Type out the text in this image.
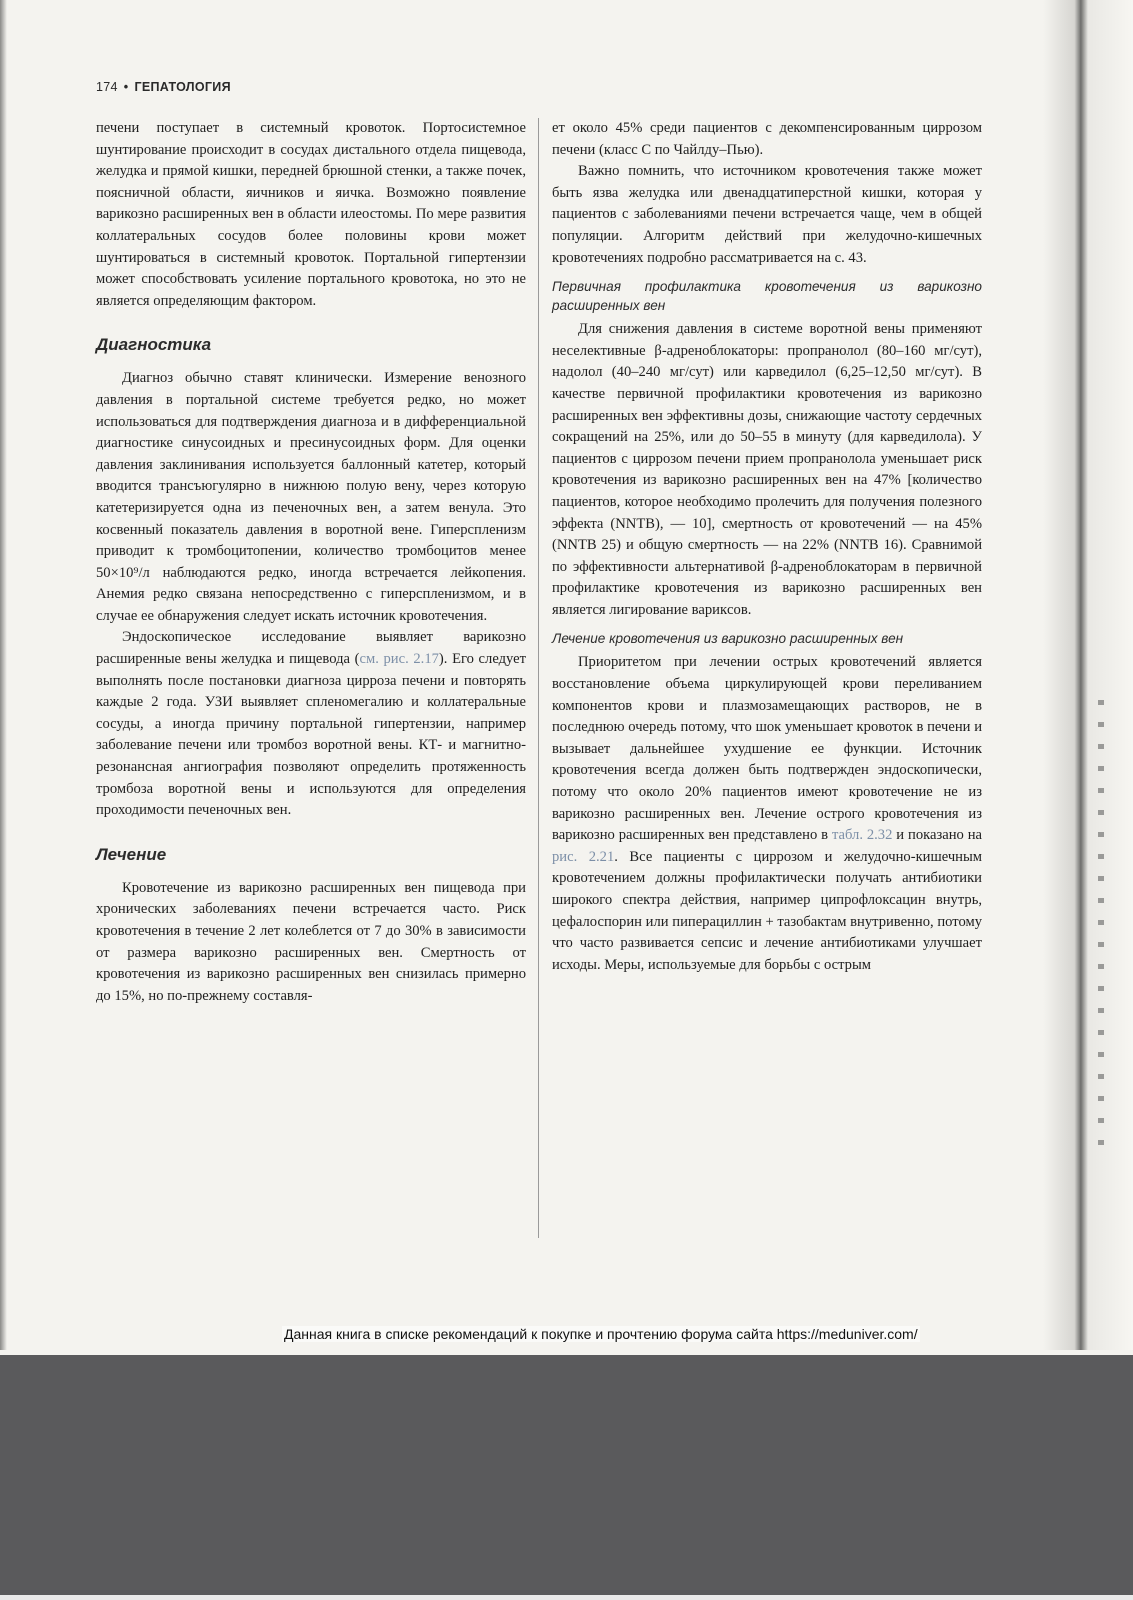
174 • ГЕПАТОЛОГИЯ

печени поступает в системный кровоток. Портосистемное шунтирование происходит в сосудах дистального отдела пищевода, желудка и прямой кишки, передней брюшной стенки, а также почек, поясничной области, яичников и яичка. Возможно появление варикозно расширенных вен в области илеостомы. По мере развития коллатеральных сосудов более половины крови может шунтироваться в системный кровоток. Портальной гипертензии может способствовать усиление портального кровотока, но это не является определяющим фактором.

Диагностика

Диагноз обычно ставят клинически. Измерение венозного давления в портальной системе требуется редко, но может использоваться для подтверждения диагноза и в дифференциальной диагностике синусоидных и пресинусоидных форм. Для оценки давления заклинивания используется баллонный катетер, который вводится трансъюгулярно в нижнюю полую вену, через которую катетеризируется одна из печеночных вен, а затем венула. Это косвенный показатель давления в воротной вене. Гиперспленизм приводит к тромбоцитопении, количество тромбоцитов менее 50×10⁹/л наблюдаются редко, иногда встречается лейкопения. Анемия редко связана непосредственно с гиперспленизмом, и в случае ее обнаружения следует искать источник кровотечения.

Эндоскопическое исследование выявляет варикозно расширенные вены желудка и пищевода (см. рис. 2.17). Его следует выполнять после постановки диагноза цирроза печени и повторять каждые 2 года. УЗИ выявляет спленомегалию и коллатеральные сосуды, а иногда причину портальной гипертензии, например заболевание печени или тромбоз воротной вены. КТ- и магнитно-резонансная ангиография позволяют определить протяженность тромбоза воротной вены и используются для определения проходимости печеночных вен.

Лечение

Кровотечение из варикозно расширенных вен пищевода при хронических заболеваниях печени встречается часто. Риск кровотечения в течение 2 лет колеблется от 7 до 30% в зависимости от размера варикозно расширенных вен. Смертность от кровотечения из варикозно расширенных вен снизилась примерно до 15%, но по-прежнему составля-

ет около 45% среди пациентов с декомпенсированным циррозом печени (класс С по Чайлду–Пью).

Важно помнить, что источником кровотечения также может быть язва желудка или двенадцатиперстной кишки, которая у пациентов с заболеваниями печени встречается чаще, чем в общей популяции. Алгоритм действий при желудочно-кишечных кровотечениях подробно рассматривается на с. 43.

Первичная профилактика кровотечения из варикозно расширенных вен

Для снижения давления в системе воротной вены применяют неселективные β-адреноблокаторы: пропранолол (80–160 мг/сут), надолол (40–240 мг/сут) или карведилол (6,25–12,50 мг/сут). В качестве первичной профилактики кровотечения из варикозно расширенных вен эффективны дозы, снижающие частоту сердечных сокращений на 25%, или до 50–55 в минуту (для карведилола). У пациентов с циррозом печени прием пропранолола уменьшает риск кровотечения из варикозно расширенных вен на 47% [количество пациентов, которое необходимо пролечить для получения полезного эффекта (NNTB), — 10], смертность от кровотечений — на 45% (NNTB 25) и общую смертность — на 22% (NNTB 16). Сравнимой по эффективности альтернативой β-адреноблокаторам в первичной профилактике кровотечения из варикозно расширенных вен является лигирование варикcов.

Лечение кровотечения из варикозно расширенных вен

Приоритетом при лечении острых кровотечений является восстановление объема циркулирующей крови переливанием компонентов крови и плазмозамещающих растворов, не в последнюю очередь потому, что шок уменьшает кровоток в печени и вызывает дальнейшее ухудшение ее функции. Источник кровотечения всегда должен быть подтвержден эндоскопически, потому что около 20% пациентов имеют кровотечение не из варикозно расширенных вен. Лечение острого кровотечения из варикозно расширенных вен представлено в табл. 2.32 и показано на рис. 2.21. Все пациенты с циррозом и желудочно-кишечным кровотечением должны профилактически получать антибиотики широкого спектра действия, например ципрофлоксацин внутрь, цефалоспорин или пиперациллин + тазобактам внутривенно, потому что часто развивается сепсис и лечение антибиотиками улучшает исходы. Меры, используемые для борьбы с острым

Данная книга в списке рекомендаций к покупке и прочтению форума сайта https://meduniver.com/
